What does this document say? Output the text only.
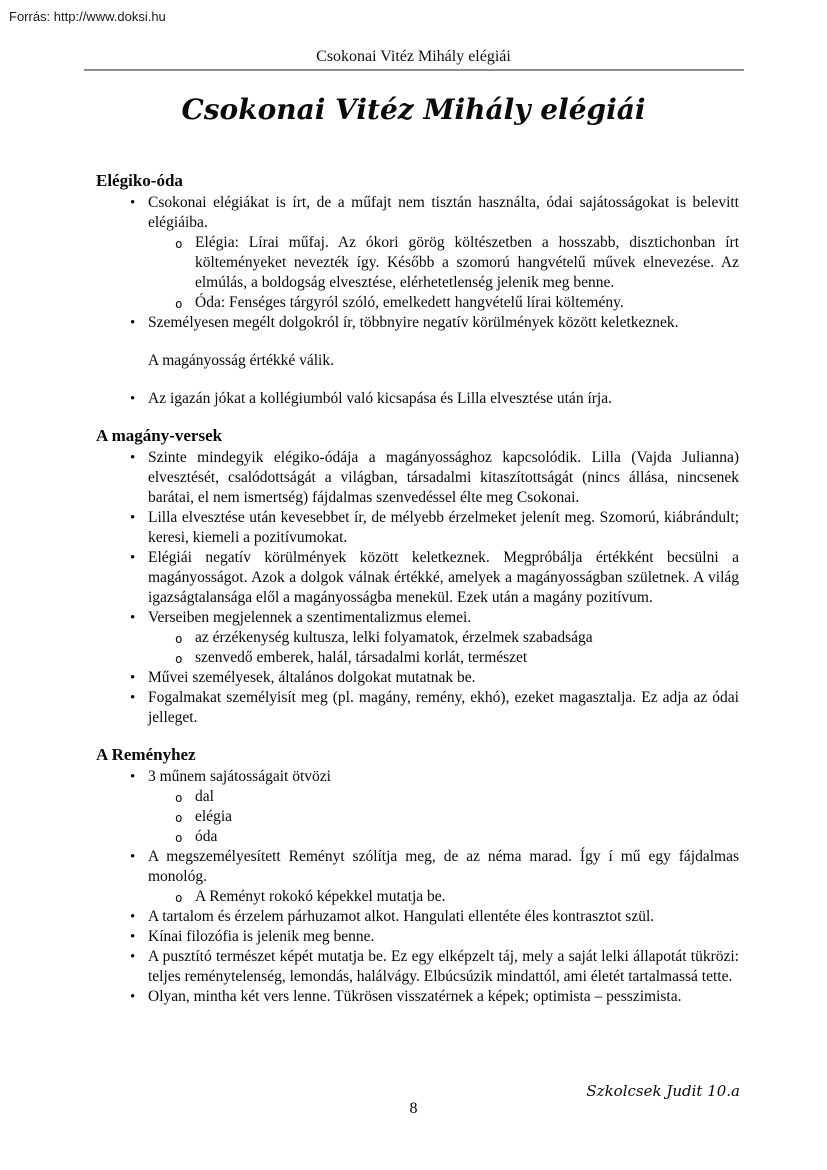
Forrás: http://www.doksi.hu
Csokonai Vitéz Mihály elégiái
Csokonai Vitéz Mihály elégiái
Elégiko-óda
• Csokonai elégiákat is írt, de a műfajt nem tisztán használta, ódai sajátosságokat is belevitt elégiáiba.
o Elégia: Lírai műfaj. Az ókori görög költészetben a hosszabb, disztichonban írt költeményeket nevezték így. Később a szomorú hangvételű művek elnevezése. Az elmúlás, a boldogság elvesztése, elérhetetlenség jelenik meg benne.
o Óda: Fenséges tárgyról szóló, emelkedett hangvételű lírai költemény.
• Személyesen megélt dolgokról ír, többnyire negatív körülmények között keletkeznek.
A magányosság értékké válik.
• Az igazán jókat a kollégiumból való kicsapása és Lilla elvesztése után írja.
A magány-versek
• Szinte mindegyik elégiko-ódája a magányossághoz kapcsolódik. Lilla (Vajda Julianna) elvesztését, csalódottságát a világban, társadalmi kitaszítottságát (nincs állása, nincsenek barátai, el nem ismertség) fájdalmas szenvedéssel élte meg Csokonai.
• Lilla elvesztése után kevesebbet ír, de mélyebb érzelmeket jelenít meg. Szomorú, kiábrándult; keresi, kiemeli a pozitívumokat.
• Elégiái negatív körülmények között keletkeznek. Megpróbálja értékként becsülni a magányosságot. Azok a dolgok válnak értékké, amelyek a magányosságban születnek. A világ igazságtalansága elől a magányosságba menekül. Ezek után a magány pozitívum.
• Verseiben megjelennek a szentimentalizmus elemei.
o az érzékenység kultusza, lelki folyamatok, érzelmek szabadsága
o szenvedő emberek, halál, társadalmi korlát, természet
• Művei személyesek, általános dolgokat mutatnak be.
• Fogalmakat személyisít meg (pl. magány, remény, ekhó), ezeket magasztalja. Ez adja az ódai jelleget.
A Reményhez
• 3 műnem sajátosságait ötvözi
o dal
o elégia
o óda
• A megszemélyesített Reményt szólítja meg, de az néma marad. Így í mű egy fájdalmas monológ.
o A Reményt rokokó képekkel mutatja be.
• A tartalom és érzelem párhuzamot alkot. Hangulati ellentéte éles kontrasztot szül.
• Kínai filozófia is jelenik meg benne.
• A pusztító természet képét mutatja be. Ez egy elképzelt táj, mely a saját lelki állapotát tükrözi: teljes reménytelenség, lemondás, halálvágy. Elbúcsúzik mindattól, ami életét tartalmassá tette.
• Olyan, mintha két vers lenne. Tükrösen visszatérnek a képek; optimista – pesszimista.
Szkolcsek Judit 10.a
8
